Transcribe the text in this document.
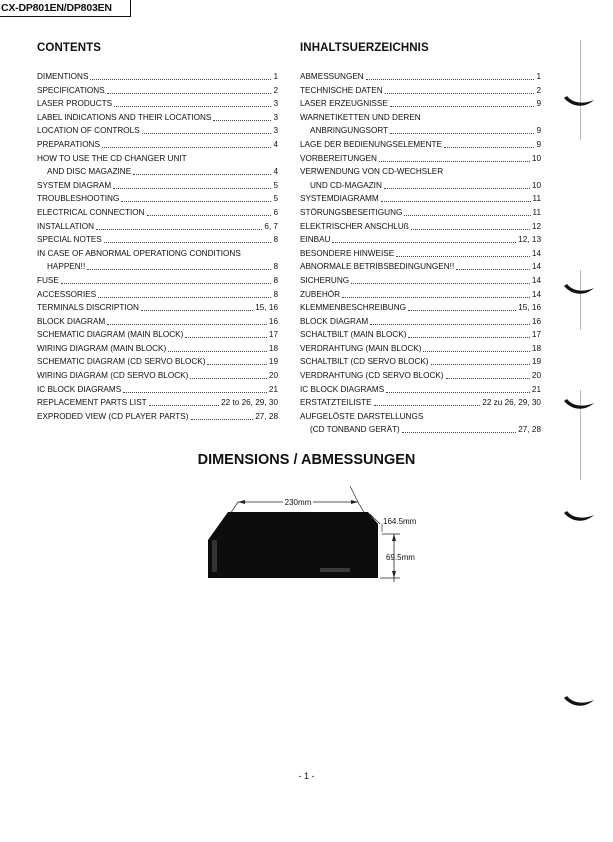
CX-DP801EN/DP803EN
CONTENTS	INHALTSUERZEICHNIS
DIMENTIONS	1
SPECIFICATIONS	2
LASER PRODUCTS	3
LABEL INDICATIONS AND THEIR LOCATIONS	3
LOCATION OF CONTROLS	3
PREPARATIONS	4
HOW TO USE THE CD CHANGER UNIT
AND DISC MAGAZINE	4
SYSTEM DIAGRAM	5
TROUBLESHOOTING	5
ELECTRICAL CONNECTION	6
INSTALLATION	6, 7
SPECIAL NOTES	8
IN CASE OF ABNORMAL OPERATIONG CONDITIONS
HAPPEN!!	8
FUSE	8
ACCESSORIES	8
TERMINALS DISCRIPTION	15, 16
BLOCK DIAGRAM	16
SCHEMATIC DIAGRAM (MAIN BLOCK)	17
WIRING DIAGRAM (MAIN BLOCK)	18
SCHEMATIC DIAGRAM (CD SERVO BLOCK)	19
WIRING DIAGRAM (CD SERVO BLOCK)	20
IC BLOCK DIAGRAMS	21
REPLACEMENT PARTS LIST	22 to 26, 29, 30
EXPRODED VIEW (CD PLAYER PARTS)	27, 28
ABMESSUNGEN	1
TECHNISCHE DATEN	2
LASER ERZEUGNISSE	9
WARNETIKETTEN UND DEREN
ANBRINGUNGSORT	9
LAGE DER BEDIENUNGSELEMENTE	9
VORBEREITUNGEN	10
VERWENDUNG VON CD-WECHSLER
UND CD-MAGAZIN	10
SYSTEMDIAGRAMM	11
STÖRUNGSBESEITIGUNG	11
ELEKTRISCHER ANSCHLUß	12
EINBAU	12, 13
BESONDERE HINWEISE	14
ABNORMALE BETRIBSBEDINGUNGEN!!	14
SICHERUNG	14
ZUBEHÖR	14
KLEMMENBESCHREIBUNG	15, 16
BLOCK DIAGRAM	16
SCHALTBILT (MAIN BLOCK)	17
VERDRAHTUNG (MAIN BLOCK)	18
SCHALTBILT (CD SERVO BLOCK)	19
VERDRAHTUNG (CD SERVO BLOCK)	20
IC BLOCK DIAGRAMS	21
ERSTATZTEILISTE	22 zu 26, 29, 30
AUFGELÖSTE DARSTELLUNGS
(CD TONBAND GERÄT)	27, 28
DIMENSIONS / ABMESSUNGEN
230mm
164.5mm
69.5mm
- 1 -
